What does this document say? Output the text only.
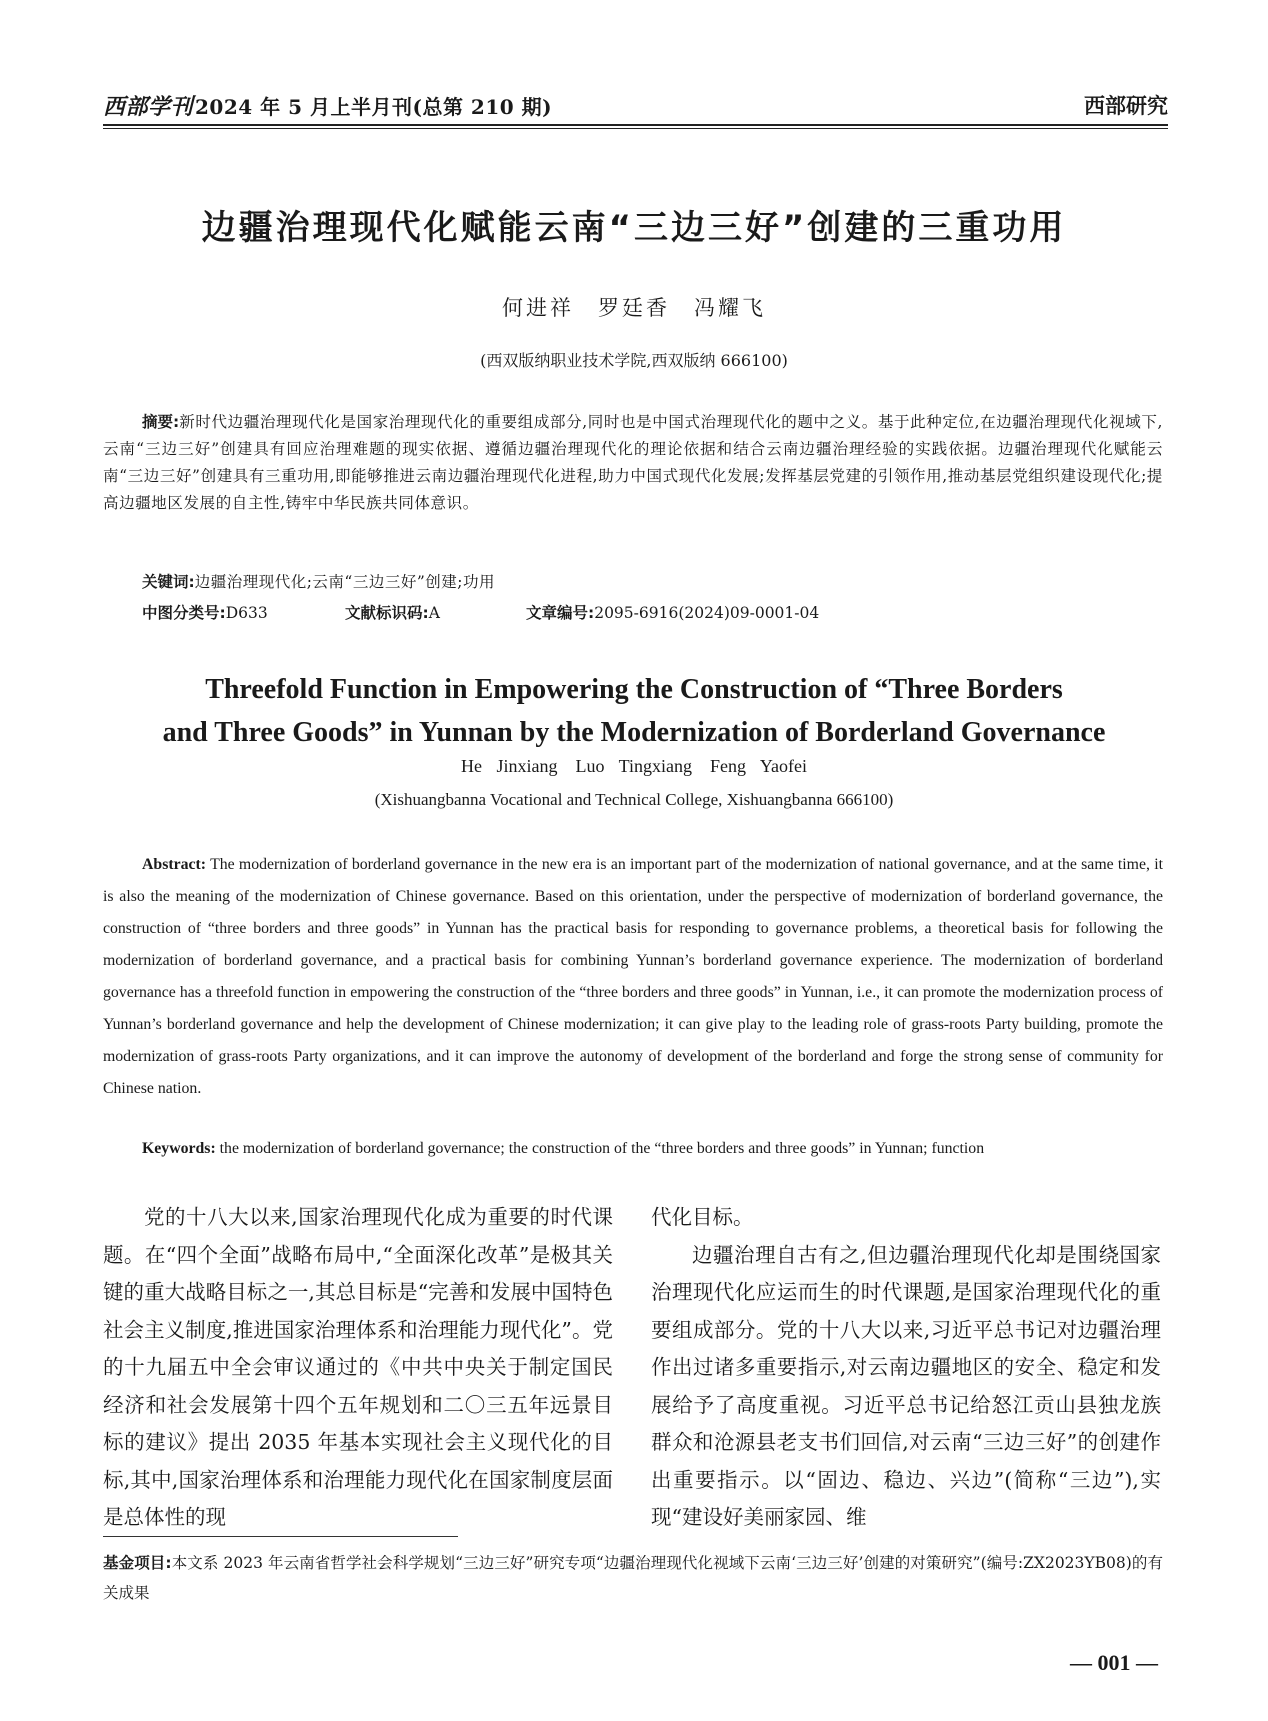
西部学刊 2024 年 5 月上半月刊(总第 210 期)	西部研究
边疆治理现代化赋能云南“三边三好”创建的三重功用
何进祥　罗廷香　冯耀飞
(西双版纳职业技术学院,西双版纳 666100)
摘要:新时代边疆治理现代化是国家治理现代化的重要组成部分,同时也是中国式治理现代化的题中之义。基于此种定位,在边疆治理现代化视域下,云南“三边三好”创建具有回应治理难题的现实依据、遵循边疆治理现代化的理论依据和结合云南边疆治理经验的实践依据。边疆治理现代化赋能云南“三边三好”创建具有三重功用,即能够推进云南边疆治理现代化进程,助力中国式现代化发展;发挥基层党建的引领作用,推动基层党组织建设现代化;提高边疆地区发展的自主性,铸牢中华民族共同体意识。
关键词:边疆治理现代化;云南“三边三好”创建;功用
中图分类号:D633	文献标识码:A	文章编号:2095-6916(2024)09-0001-04
Threefold Function in Empowering the Construction of “Three Borders
and Three Goods” in Yunnan by the Modernization of Borderland Governance
He Jinxiang　Luo Tingxiang　Feng Yaofei
(Xishuangbanna Vocational and Technical College, Xishuangbanna 666100)
Abstract: The modernization of borderland governance in the new era is an important part of the modernization of national governance, and at the same time, it is also the meaning of the modernization of Chinese governance. Based on this orientation, under the perspective of modernization of borderland governance, the construction of “three borders and three goods” in Yunnan has the practical basis for responding to governance problems, a theoretical basis for following the modernization of borderland governance, and a practical basis for combining Yunnan’s borderland governance experience. The modernization of borderland governance has a threefold function in empowering the construction of the “three borders and three goods” in Yunnan, i.e., it can promote the modernization process of Yunnan’s borderland governance and help the development of Chinese modernization; it can give play to the leading role of grass-roots Party building, promote the modernization of grass-roots Party organizations, and it can improve the autonomy of development of the borderland and forge the strong sense of community for Chinese nation.
Keywords: the modernization of borderland governance; the construction of the “three borders and three goods” in Yunnan; function

党的十八大以来,国家治理现代化成为重要的时代课题。在“四个全面”战略布局中,“全面深化改革”是极其关键的重大战略目标之一,其总目标是“完善和发展中国特色社会主义制度,推进国家治理体系和治理能力现代化”。党的十九届五中全会审议通过的《中共中央关于制定国民经济和社会发展第十四个五年规划和二〇三五年远景目标的建议》提出 2035 年基本实现社会主义现代化的目标,其中,国家治理体系和治理能力现代化在国家制度层面是总体性的现

代化目标。

边疆治理自古有之,但边疆治理现代化却是围绕国家治理现代化应运而生的时代课题,是国家治理现代化的重要组成部分。党的十八大以来,习近平总书记对边疆治理作出过诸多重要指示,对云南边疆地区的安全、稳定和发展给予了高度重视。习近平总书记给怒江贡山县独龙族群众和沧源县老支书们回信,对云南“三边三好”的创建作出重要指示。以“固边、稳边、兴边”(简称“三边”),实现“建设好美丽家园、维

基金项目:本文系 2023 年云南省哲学社会科学规划“三边三好”研究专项“边疆治理现代化视域下云南‘三边三好’创建的对策研究”(编号:ZX2023YB08)的有关成果
— 001 —
